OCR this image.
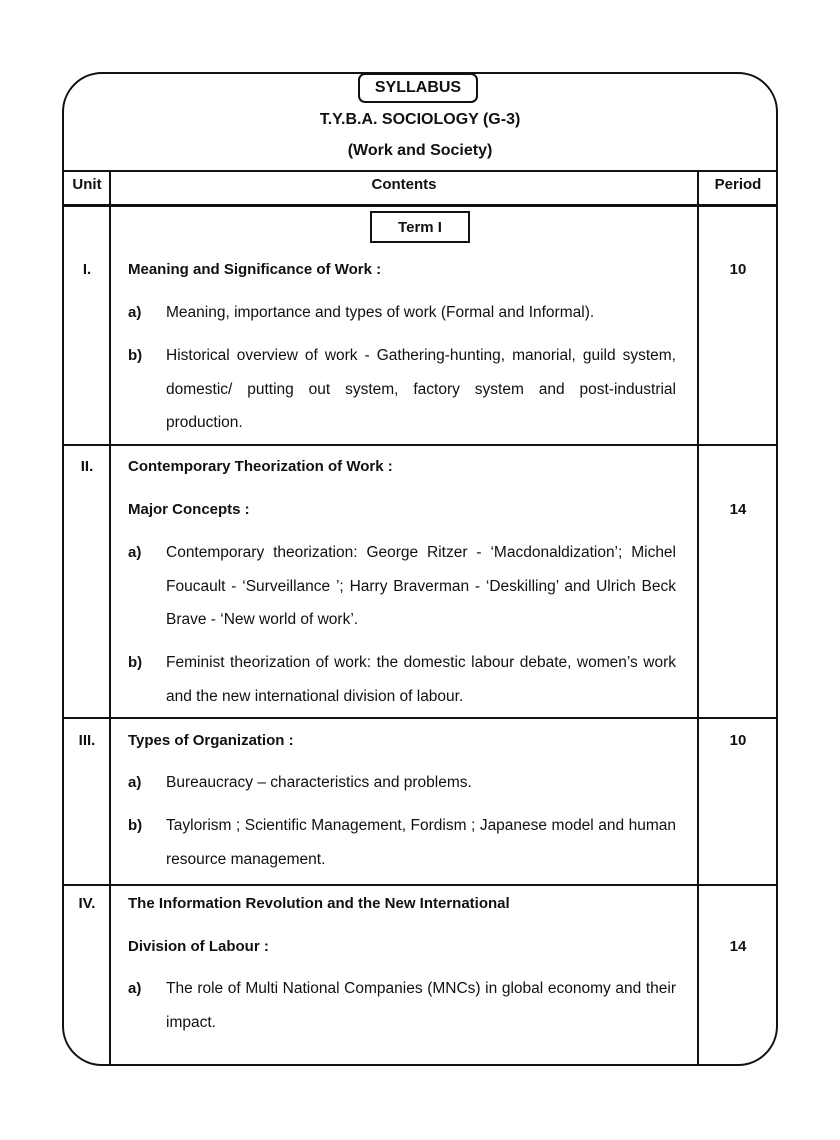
SYLLABUS
T.Y.B.A. SOCIOLOGY (G-3)
(Work and Society)
Unit	Contents	Period
Term I
I.	Meaning and Significance of Work :	10
a) Meaning, importance and types of work (Formal and Informal).
b) Historical overview of work - Gathering-hunting, manorial, guild system, domestic/ putting out system, factory system and post-industrial production.
II.	Contemporary Theorization of Work :
Major Concepts :	14
a) Contemporary theorization: George Ritzer - ‘Macdonaldization’; Michel Foucault - ‘Surveillance ’; Harry Braverman - ‘Deskilling’ and Ulrich Beck Brave - ‘New world of work’.
b) Feminist theorization of work: the domestic labour debate, women’s work and the new international division of labour.
III.	Types of Organization :	10
a) Bureaucracy – characteristics and problems.
b) Taylorism ; Scientific Management, Fordism ; Japanese model and human resource management.
IV.	The Information Revolution and the New International
Division of Labour :	14
a) The role of Multi National Companies (MNCs) in global economy and their impact.
